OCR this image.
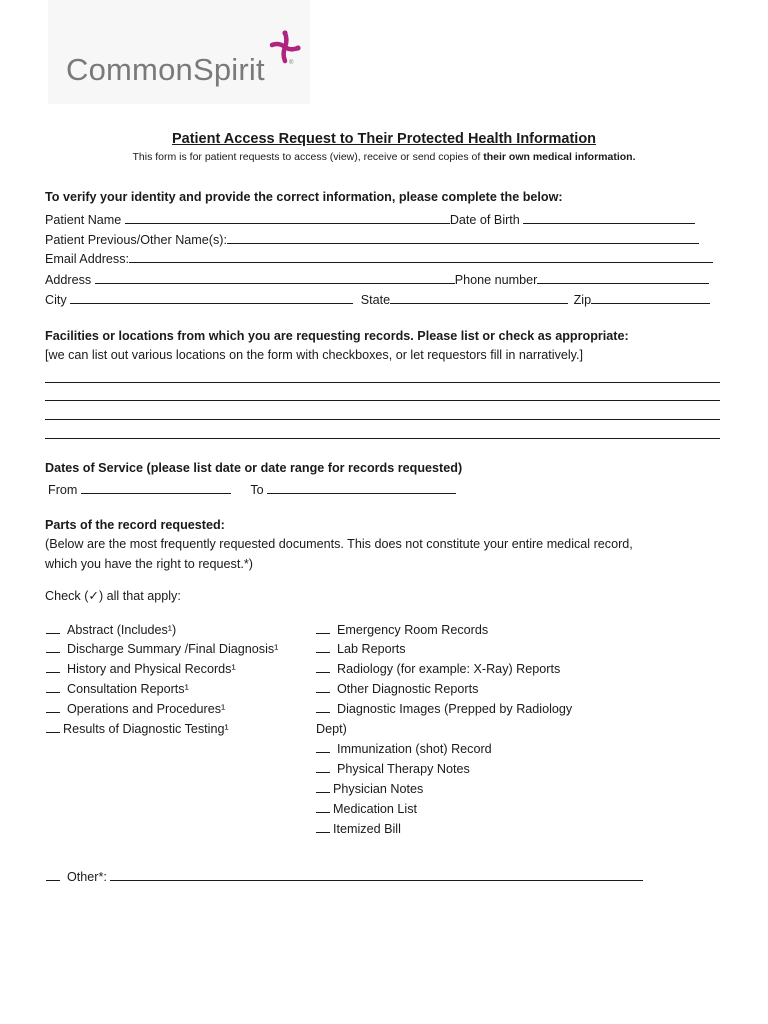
CommonSpirit	®
Patient Access Request to Their Protected Health Information
This form is for patient requests to access (view), receive or send copies of their own medical information.
To verify your identity and provide the correct information, please complete the below:
Patient Name	Date of Birth
Patient Previous/Other Name(s):
Email Address:
Address	Phone number
City	State	Zip
Facilities or locations from which you are requesting records. Please list or check as appropriate:
[we can list out various locations on the form with checkboxes, or let requestors fill in narratively.]
Dates of Service (please list date or date range for records requested)
From	To
Parts of the record requested:
(Below are the most frequently requested documents. This does not constitute your entire medical record,
which you have the right to request.*)
Check (✓) all that apply:
Abstract (Includes¹)
Discharge Summary /Final Diagnosis¹
History and Physical Records¹
Consultation Reports¹
Operations and Procedures¹
Results of Diagnostic Testing¹
Emergency Room Records
Lab Reports
Radiology (for example: X-Ray) Reports
Other Diagnostic Reports
Diagnostic Images (Prepped by Radiology
Dept)
Immunization (shot) Record
Physical Therapy Notes
Physician Notes
Medication List
Itemized Bill
Other*:
